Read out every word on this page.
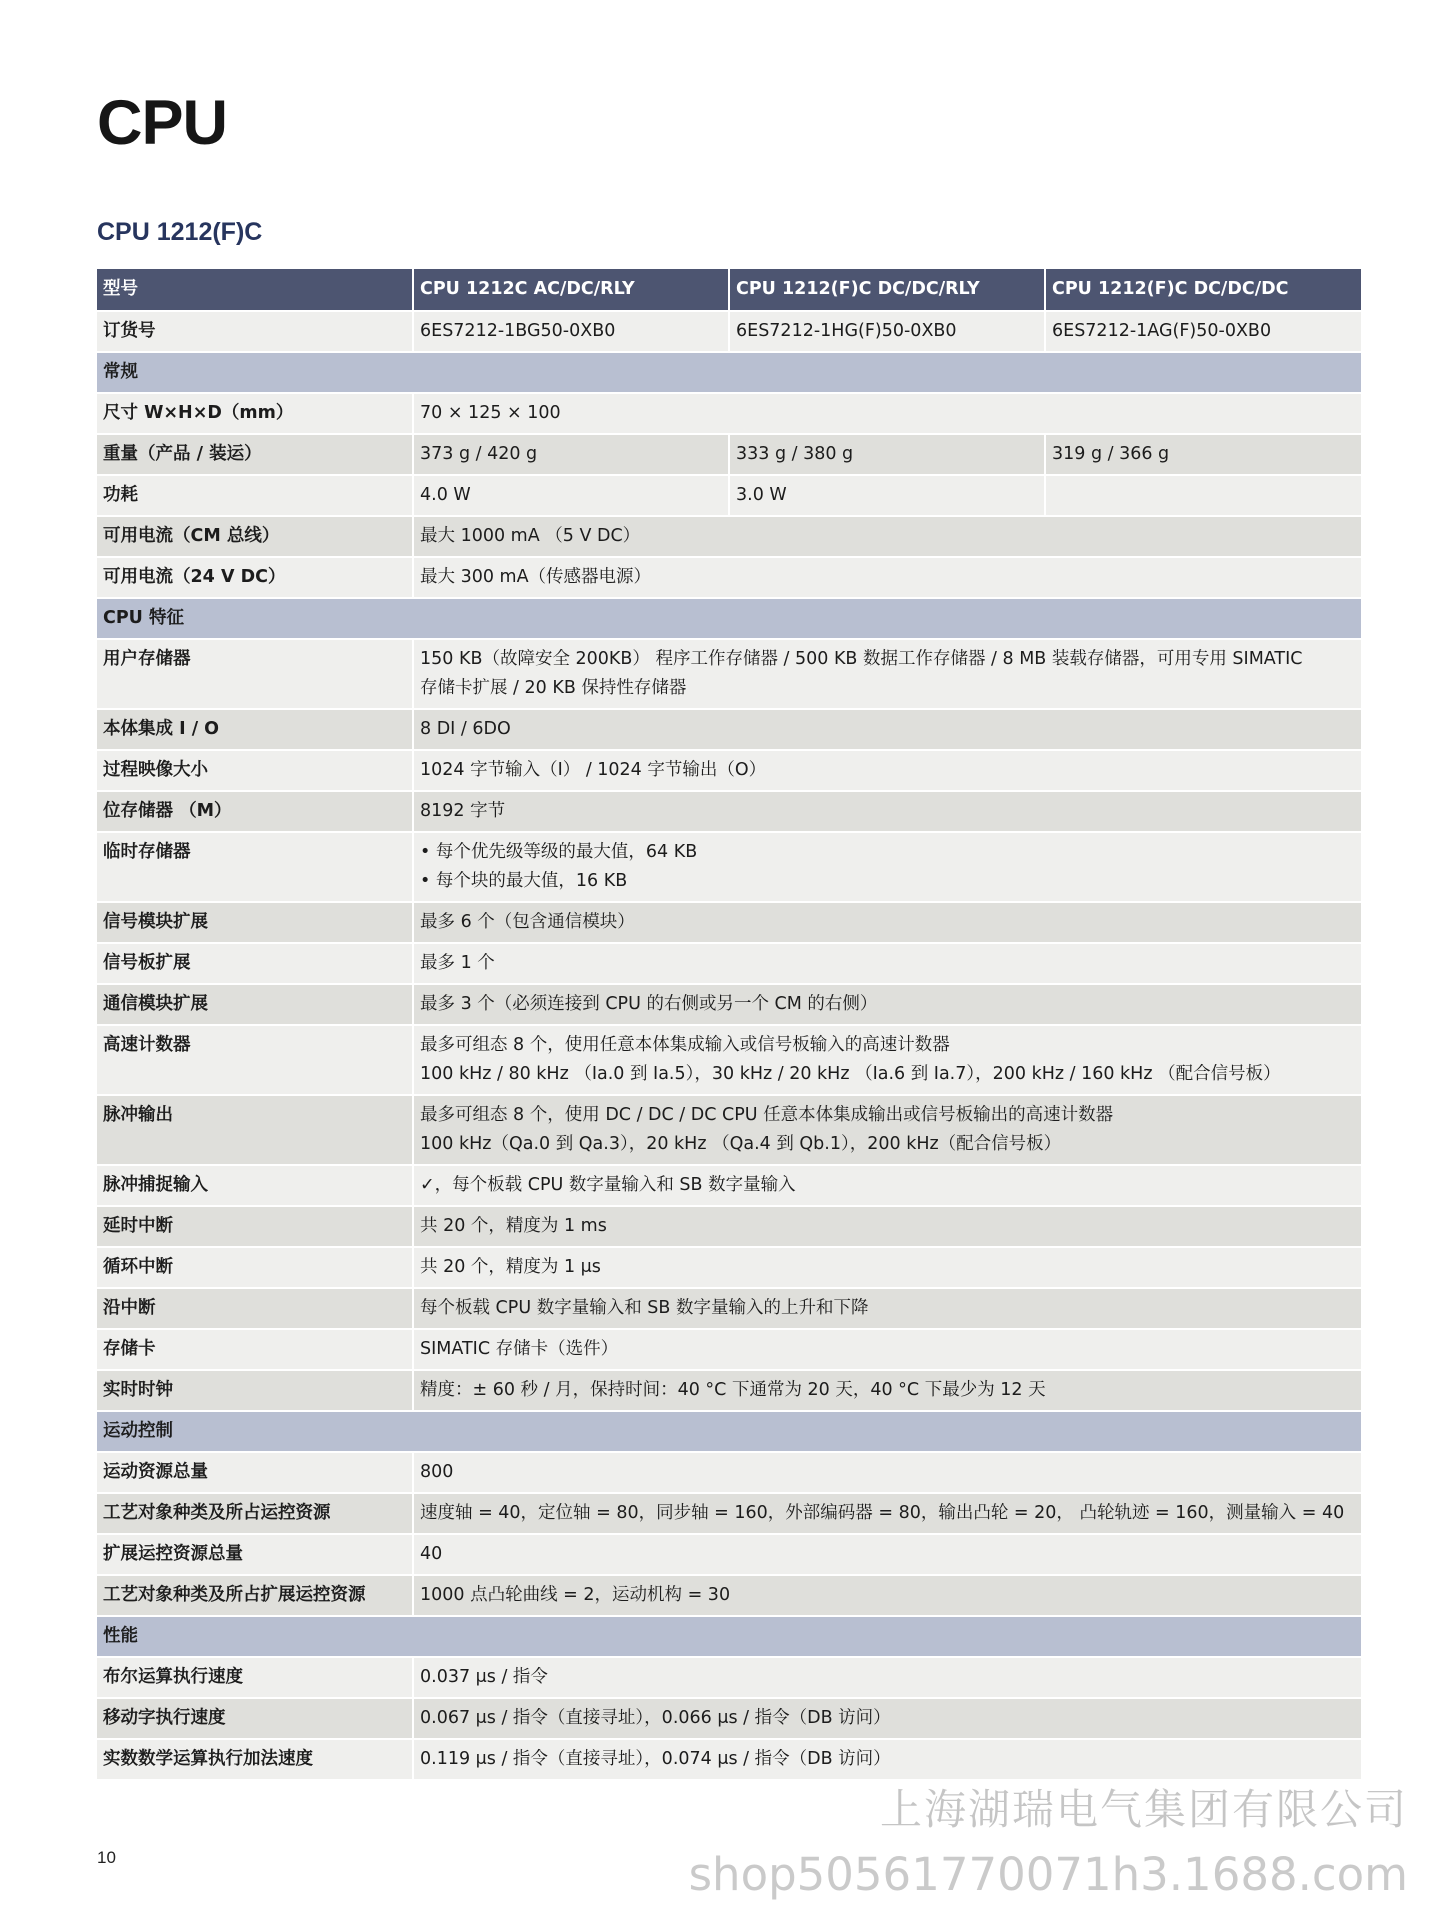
CPU
CPU 1212(F)C
型号	CPU 1212C AC/DC/RLY	CPU 1212(F)C DC/DC/RLY	CPU 1212(F)C DC/DC/DC
订货号	6ES7212-1BG50-0XB0	6ES7212-1HG(F)50-0XB0	6ES7212-1AG(F)50-0XB0
常规			
尺寸 W×H×D（mm）	70 × 125 × 100		
重量（产品 / 装运）	373 g / 420 g	333 g / 380 g	319 g / 366 g
功耗	4.0 W	3.0 W	
可用电流（CM 总线）	最大 1000 mA （5 V DC）		
可用电流（24 V DC）	最大 300 mA（传感器电源）		
CPU 特征			
用户存储器	150 KB（故障安全 200KB） 程序工作存储器 / 500 KB 数据工作存储器 / 8 MB 装载存储器，可用专用 SIMATIC
存储卡扩展 / 20 KB 保持性存储器		

本体集成 I / O	8 DI / 6DO		

过程映像大小	1024 字节输入（I） / 1024 字节输出（O）		

位存储器 （M）	8192 字节		

临时存储器	• 每个优先级等级的最大值，64 KB
• 每个块的最大值，16 KB		

信号模块扩展	最多 6 个（包含通信模块）		

信号板扩展	最多 1 个		

通信模块扩展	最多 3 个（必须连接到 CPU 的右侧或另一个 CM 的右侧）		

高速计数器	最多可组态 8 个，使用任意本体集成输入或信号板输入的高速计数器
100 kHz / 80 kHz （Ia.0 到 Ia.5），30 kHz / 20 kHz （Ia.6 到 Ia.7），200 kHz / 160 kHz （配合信号板）		

脉冲输出	最多可组态 8 个，使用 DC / DC / DC CPU 任意本体集成输出或信号板输出的高速计数器
100 kHz（Qa.0 到 Qa.3），20 kHz （Qa.4 到 Qb.1），200 kHz（配合信号板）		

脉冲捕捉输入	✓，每个板载 CPU 数字量输入和 SB 数字量输入		

延时中断	共 20 个，精度为 1 ms		

循环中断	共 20 个，精度为 1 μs		

沿中断	每个板载 CPU 数字量输入和 SB 数字量输入的上升和下降		

存储卡	SIMATIC 存储卡（选件）		

实时时钟	精度：± 60 秒 / 月，保持时间：40 °C 下通常为 20 天，40 °C 下最少为 12 天		

运动控制			
运动资源总量	800		

工艺对象种类及所占运控资源	速度轴 = 40，定位轴 = 80，同步轴 = 160，外部编码器 = 80，输出凸轮 = 20， 凸轮轨迹 = 160，测量输入 = 40		

扩展运控资源总量	40		

工艺对象种类及所占扩展运控资源	1000 点凸轮曲线 = 2，运动机构 = 30		

性能			
布尔运算执行速度	0.037 μs / 指令		

移动字执行速度	0.067 μs / 指令（直接寻址），0.066 μs / 指令（DB 访问）		

实数数学运算执行加法速度	0.119 μs / 指令（直接寻址），0.074 μs / 指令（DB 访问）		
10
上海湖瑞电气集团有限公司
shop50561770071h3.1688.com
